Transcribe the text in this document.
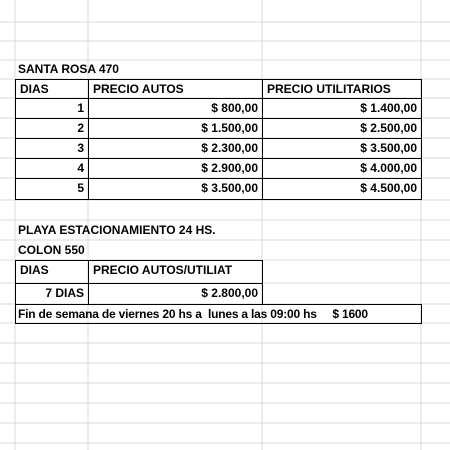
SANTA ROSA 470
DIAS	PRECIO AUTOS	PRECIO UTILITARIOS
1	$ 800,00	$ 1.400,00
2	$ 1.500,00	$ 2.500,00
3	$ 2.300,00	$ 3.500,00
4	$ 2.900,00	$ 4.000,00
5	$ 3.500,00	$ 4.500,00
PLAYA ESTACIONAMIENTO 24 HS.
COLON 550
DIAS	PRECIO AUTOS/UTILIAT
7 DIAS	$ 2.800,00
Fin de semana de viernes 20 hs a  lunes a las 09:00 hs     $ 1600
